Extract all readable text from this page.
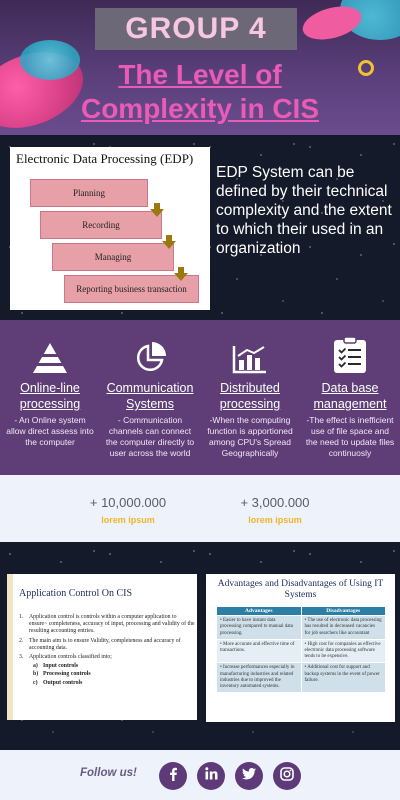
GROUP 4
The Level of
Complexity in CIS
Electronic Data Processing (EDP)
Planning
Recording
Managing
Reporting business transaction
EDP System can be defined by their technical complexity and the extent to which their used in an organization
Online-line processing
- An Online system allow direct assess into the computer
Communication Systems
- Communication channels can connect the computer directly to user across the world
Distributed processing
-When the computing function is apportioned among CPU's Spread Geographically
Data base management
-The effect is inefficient use of file space and the need to update files continuosly
+ 10,000.000
lorem ipsum
+ 3,000.000
lorem ipsum
Application Control On CIS
1. Application control is controls within a computer application to ensure~ completeness, accuracy of input, processing and validity of the resulting accounting entries.
2. The main aim is to ensure Validity, completeness and accuracy of accounting data.
3. Application controls classified into;
a) Input controls
b) Processing controls
c) Output controls
Advantages and Disadvantages of Using IT Systems
Advantages	Disadvantages
• Easier to have instant data processing compared to manual data processing.	• The use of electronic data processing has resulted in decreased vacancies for job searchers like accountant
• More accurate and effective time of transactions.	• High cost for companies as effective electronic data processing software tends to be expensive.
• Increase performances especially in manufacturing industries and related industries due to improved the inventory automated systems.	• Additional cost for support and backup systems in the event of power failure.
Follow us!
